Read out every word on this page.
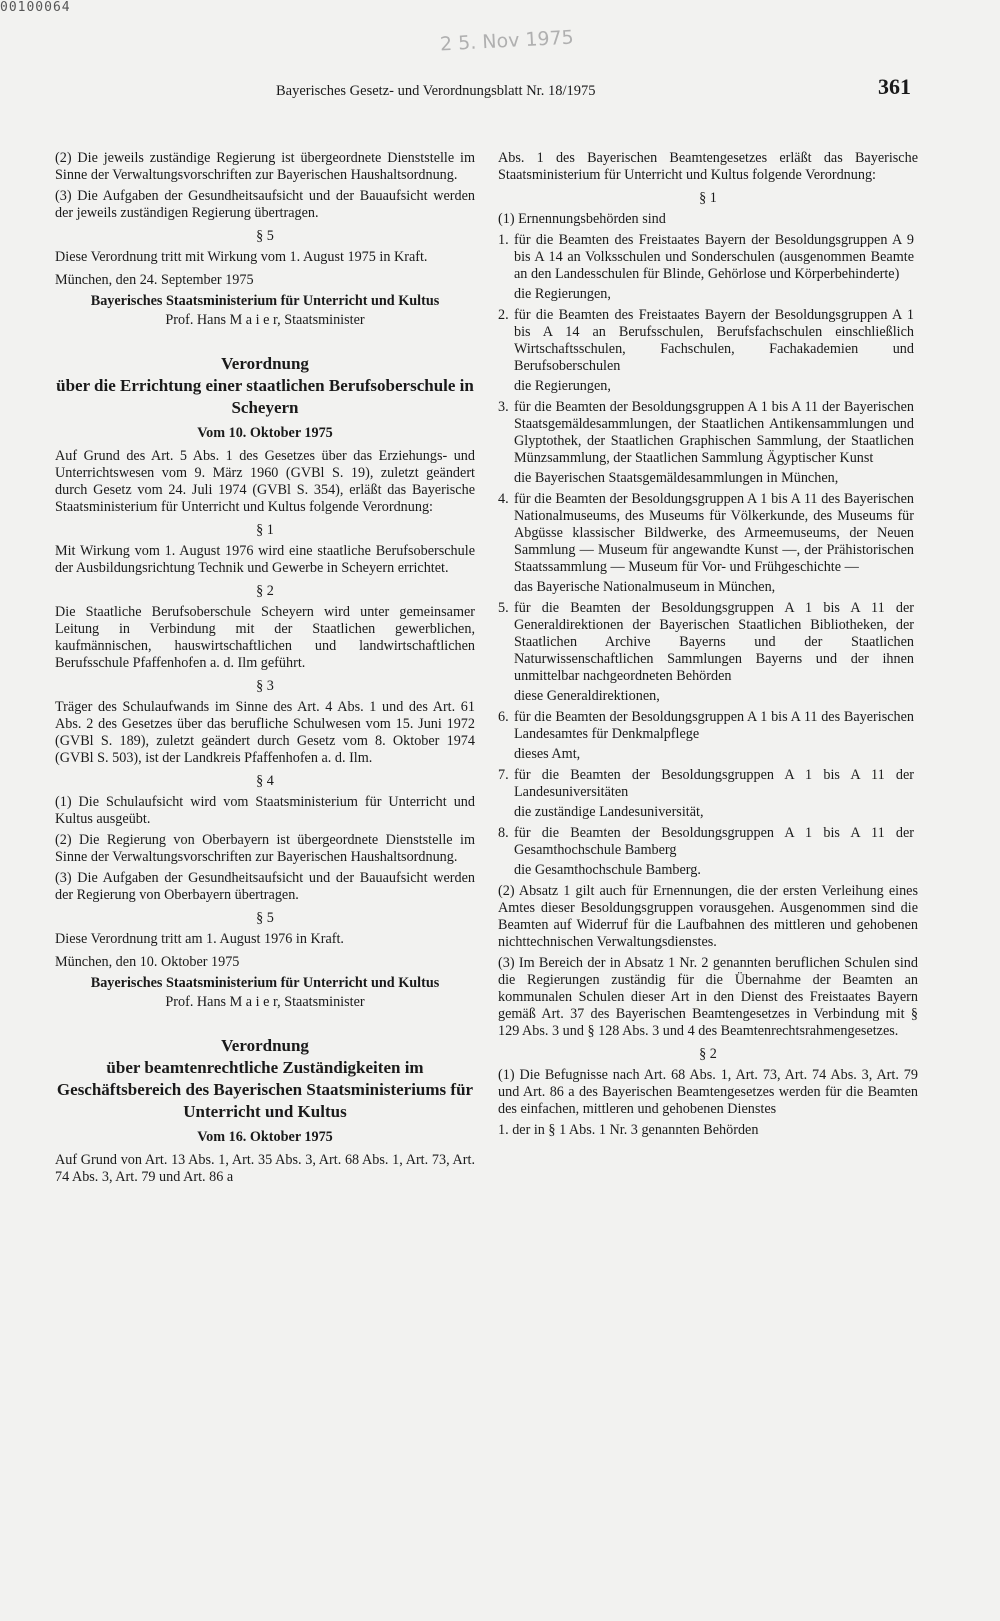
00100064
2 5. Nov 1975
Bayerisches Gesetz- und Verordnungsblatt Nr. 18/1975	361

(2) Die jeweils zuständige Regierung ist übergeordnete Dienststelle im Sinne der Verwaltungsvorschriften zur Bayerischen Haushaltsordnung.

(3) Die Aufgaben der Gesundheitsaufsicht und der Bauaufsicht werden der jeweils zuständigen Regierung übertragen.

§ 5

Diese Verordnung tritt mit Wirkung vom 1. August 1975 in Kraft.

München, den 24. September 1975
Bayerisches Staatsministerium für Unterricht und Kultus
Prof. Hans M a i e r, Staatsminister
Verordnung
über die Errichtung einer staatlichen Berufsoberschule in Scheyern
Vom 10. Oktober 1975

Auf Grund des Art. 5 Abs. 1 des Gesetzes über das Erziehungs- und Unterrichtswesen vom 9. März 1960 (GVBl S. 19), zuletzt geändert durch Gesetz vom 24. Juli 1974 (GVBl S. 354), erläßt das Bayerische Staatsministerium für Unterricht und Kultus folgende Verordnung:

§ 1

Mit Wirkung vom 1. August 1976 wird eine staatliche Berufsoberschule der Ausbildungsrichtung Technik und Gewerbe in Scheyern errichtet.

§ 2

Die Staatliche Berufsoberschule Scheyern wird unter gemeinsamer Leitung in Verbindung mit der Staatlichen gewerblichen, kaufmännischen, hauswirtschaftlichen und landwirtschaftlichen Berufsschule Pfaffenhofen a. d. Ilm geführt.

§ 3

Träger des Schulaufwands im Sinne des Art. 4 Abs. 1 und des Art. 61 Abs. 2 des Gesetzes über das berufliche Schulwesen vom 15. Juni 1972 (GVBl S. 189), zuletzt geändert durch Gesetz vom 8. Oktober 1974 (GVBl S. 503), ist der Landkreis Pfaffenhofen a. d. Ilm.

§ 4

(1) Die Schulaufsicht wird vom Staatsministerium für Unterricht und Kultus ausgeübt.

(2) Die Regierung von Oberbayern ist übergeordnete Dienststelle im Sinne der Verwaltungsvorschriften zur Bayerischen Haushaltsordnung.

(3) Die Aufgaben der Gesundheitsaufsicht und der Bauaufsicht werden der Regierung von Oberbayern übertragen.

§ 5

Diese Verordnung tritt am 1. August 1976 in Kraft.

München, den 10. Oktober 1975
Bayerisches Staatsministerium für Unterricht und Kultus
Prof. Hans M a i e r, Staatsminister
Verordnung
über beamtenrechtliche Zuständigkeiten im Geschäftsbereich des Bayerischen Staatsministeriums für Unterricht und Kultus
Vom 16. Oktober 1975

Auf Grund von Art. 13 Abs. 1, Art. 35 Abs. 3, Art. 68 Abs. 1, Art. 73, Art. 74 Abs. 3, Art. 79 und Art. 86 a

Abs. 1 des Bayerischen Beamtengesetzes erläßt das Bayerische Staatsministerium für Unterricht und Kultus folgende Verordnung:

§ 1

(1) Ernennungsbehörden sind

1. für die Beamten des Freistaates Bayern der Besoldungsgruppen A 9 bis A 14 an Volksschulen und Sonderschulen (ausgenommen Beamte an den Landesschulen für Blinde, Gehörlose und Körperbehinderte)
die Regierungen,
2. für die Beamten des Freistaates Bayern der Besoldungsgruppen A 1 bis A 14 an Berufsschulen, Berufsfachschulen einschließlich Wirtschaftsschulen, Fachschulen, Fachakademien und Berufsoberschulen
die Regierungen,
3. für die Beamten der Besoldungsgruppen A 1 bis A 11 der Bayerischen Staatsgemäldesammlungen, der Staatlichen Antikensammlungen und Glyptothek, der Staatlichen Graphischen Sammlung, der Staatlichen Münzsammlung, der Staatlichen Sammlung Ägyptischer Kunst
die Bayerischen Staatsgemäldesammlungen in München,
4. für die Beamten der Besoldungsgruppen A 1 bis A 11 des Bayerischen Nationalmuseums, des Museums für Völkerkunde, des Museums für Abgüsse klassischer Bildwerke, des Armeemuseums, der Neuen Sammlung — Museum für angewandte Kunst —, der Prähistorischen Staatssammlung — Museum für Vor- und Frühgeschichte —
das Bayerische Nationalmuseum in München,
5. für die Beamten der Besoldungsgruppen A 1 bis A 11 der Generaldirektionen der Bayerischen Staatlichen Bibliotheken, der Staatlichen Archive Bayerns und der Staatlichen Naturwissenschaftlichen Sammlungen Bayerns und der ihnen unmittelbar nachgeordneten Behörden
diese Generaldirektionen,
6. für die Beamten der Besoldungsgruppen A 1 bis A 11 des Bayerischen Landesamtes für Denkmalpflege
dieses Amt,
7. für die Beamten der Besoldungsgruppen A 1 bis A 11 der Landesuniversitäten
die zuständige Landesuniversität,
8. für die Beamten der Besoldungsgruppen A 1 bis A 11 der Gesamthochschule Bamberg
die Gesamthochschule Bamberg.

(2) Absatz 1 gilt auch für Ernennungen, die der ersten Verleihung eines Amtes dieser Besoldungsgruppen vorausgehen. Ausgenommen sind die Beamten auf Widerruf für die Laufbahnen des mittleren und gehobenen nichttechnischen Verwaltungsdienstes.

(3) Im Bereich der in Absatz 1 Nr. 2 genannten beruflichen Schulen sind die Regierungen zuständig für die Übernahme der Beamten an kommunalen Schulen dieser Art in den Dienst des Freistaates Bayern gemäß Art. 37 des Bayerischen Beamtengesetzes in Verbindung mit § 129 Abs. 3 und § 128 Abs. 3 und 4 des Beamtenrechtsrahmengesetzes.

§ 2

(1) Die Befugnisse nach Art. 68 Abs. 1, Art. 73, Art. 74 Abs. 3, Art. 79 und Art. 86 a des Bayerischen Beamtengesetzes werden für die Beamten des einfachen, mittleren und gehobenen Dienstes

1. der in § 1 Abs. 1 Nr. 3 genannten Behörden
